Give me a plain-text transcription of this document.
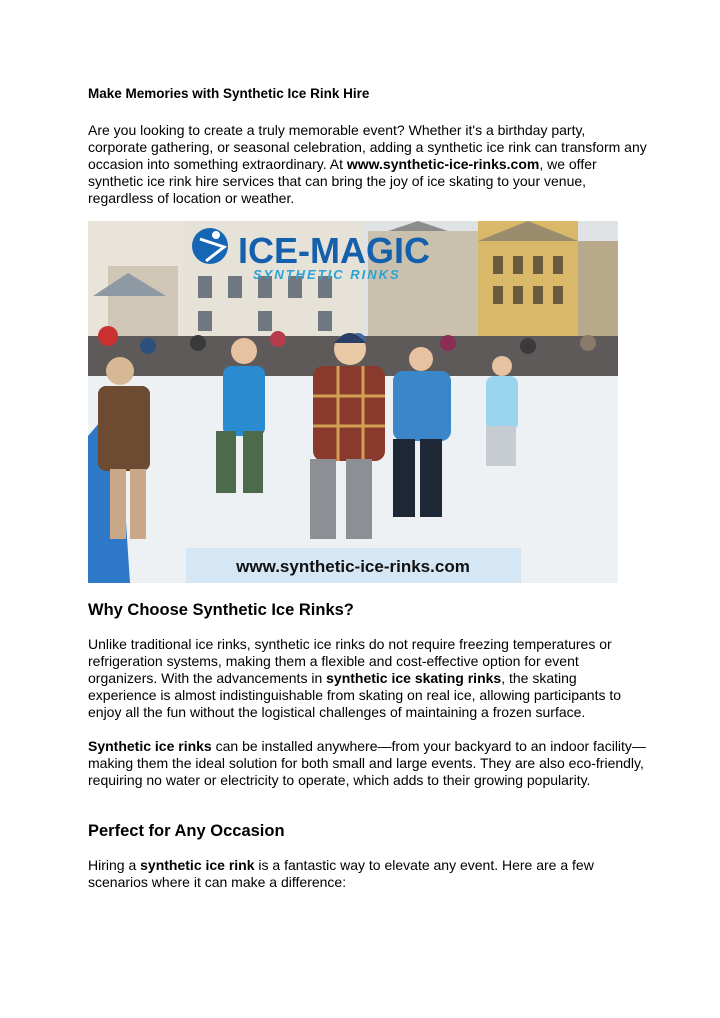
Make Memories with Synthetic Ice Rink Hire
Are you looking to create a truly memorable event? Whether it's a birthday party, corporate gathering, or seasonal celebration, adding a synthetic ice rink can transform any occasion into something extraordinary. At www.synthetic-ice-rinks.com, we offer synthetic ice rink hire services that can bring the joy of ice skating to your venue, regardless of location or weather.
www.synthetic-ice-rinks.com
ICE-MAGIC
SYNTHETIC RINKS
Why Choose Synthetic Ice Rinks?
Unlike traditional ice rinks, synthetic ice rinks do not require freezing temperatures or refrigeration systems, making them a flexible and cost-effective option for event organizers. With the advancements in synthetic ice skating rinks, the skating experience is almost indistinguishable from skating on real ice, allowing participants to enjoy all the fun without the logistical challenges of maintaining a frozen surface.
Synthetic ice rinks can be installed anywhere—from your backyard to an indoor facility—making them the ideal solution for both small and large events. They are also eco-friendly, requiring no water or electricity to operate, which adds to their growing popularity.
Perfect for Any Occasion
Hiring a synthetic ice rink is a fantastic way to elevate any event. Here are a few scenarios where it can make a difference:
